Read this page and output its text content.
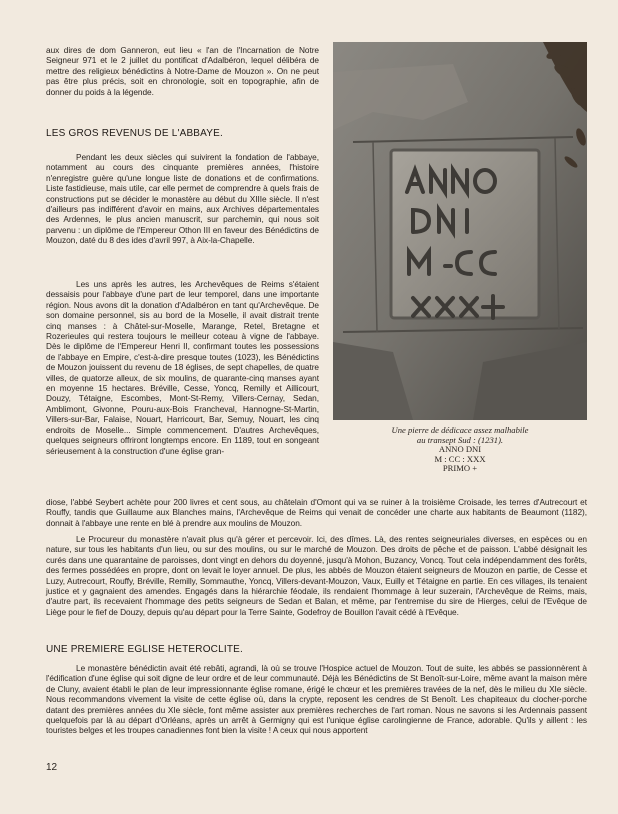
aux dires de dom Ganneron, eut lieu « l'an de l'Incarnation de Notre Seigneur 971 et le 2 juillet du pontificat d'Adalbéron, lequel délibéra de mettre des religieux bénédictins à Notre-Dame de Mouzon ». On ne peut pas être plus précis, soit en chronologie, soit en topographie, afin de donner du poids à la légende.

LES GROS REVENUS DE L'ABBAYE.

Pendant les deux siècles qui suivirent la fondation de l'abbaye, notamment au cours des cinquante premières années, l'histoire n'enregistre guère qu'une longue liste de donations et de confirmations. Liste fastidieuse, mais utile, car elle permet de comprendre à quels frais de constructions put se décider le monastère au début du XIIIe siècle. Il n'est d'ailleurs pas indifférent d'avoir en mains, aux Archives départementales des Ardennes, le plus ancien manuscrit, sur parchemin, qui nous soit parvenu : un diplôme de l'Empereur Othon III en faveur des Bénédictins de Mouzon, daté du 8 des ides d'avril 997, à Aix-la-Chapelle.

Les uns après les autres, les Archevêques de Reims s'étaient dessaisis pour l'abbaye d'une part de leur temporel, dans une importante région. Nous avons dit la donation d'Adalbéron en tant qu'Archevêque. De son domaine personnel, sis au bord de la Moselle, il avait distrait trente cinq manses : à Châtel-sur-Moselle, Marange, Retel, Bretagne et Rozerieules qui restera toujours le meilleur coteau à vigne de l'abbaye. Dès le diplôme de l'Empereur Henri II, confirmant toutes les possessions de l'abbaye en Empire, c'est-à-dire presque toutes (1023), les Bénédictins de Mouzon jouissent du revenu de 18 églises, de sept chapelles, de quatre villes, de quatorze alleux, de six moulins, de quarante-cinq manses ayant en moyenne 15 hectares. Bréville, Cesse, Yoncq, Remilly et Aillicourt, Douzy, Tétaigne, Escombes, Mont-St-Remy, Villers-Cernay, Sedan, Amblimont, Givonne, Pouru-aux-Bois Francheval, Hannogne-St-Martin, Villers-sur-Bar, Falaise, Nouart, Harricourt, Bar, Semuy, Nouart, les cinq endroits de Moselle... Simple commencement. D'autres Archevêques, quelques seigneurs offriront longtemps encore. En 1189, tout en songeant sérieusement à la construction d'une église gran-

diose, l'abbé Seybert achète pour 200 livres et cent sous, au châtelain d'Omont qui va se ruiner à la troisième Croisade, les terres d'Autrecourt et Rouffy, tandis que Guillaume aux Blanches mains, l'Archevêque de Reims qui venait de concéder une charte aux habitants de Beaumont (1182), donnait à l'abbaye une rente en blé à prendre aux moulins de Mouzon.

Le Procureur du monastère n'avait plus qu'à gérer et percevoir. Ici, des dîmes. Là, des rentes seigneuriales diverses, en espèces ou en nature, sur tous les habitants d'un lieu, ou sur des moulins, ou sur le marché de Mouzon. Des droits de pêche et de paisson. L'abbé désignait les curés dans une quarantaine de paroisses, dont vingt en dehors du doyenné, jusqu'à Mohon, Buzancy, Voncq. Tout cela indépendamment des forêts, des fermes possédées en propre, dont on levait le loyer annuel. De plus, les abbés de Mouzon étaient seigneurs de Mouzon en partie, de Cesse et Luzy, Autrecourt, Rouffy, Bréville, Remilly, Sommauthe, Yoncq, Villers-devant-Mouzon, Vaux, Euilly et Tétaigne en partie. En ces villages, ils tenaient justice et y gagnaient des amendes. Engagés dans la hiérarchie féodale, ils rendaient l'hommage à leur suzerain, l'Archevêque de Reims, mais, d'autre part, ils recevaient l'hommage des petits seigneurs de Sedan et Balan, et même, par l'entremise du sire de Hierges, celui de l'Evêque de Liège pour le fief de Douzy, depuis qu'au départ pour la Terre Sainte, Godefroy de Bouillon l'avait cédé à l'Evêque.

UNE PREMIERE EGLISE HETEROCLITE.

Le monastère bénédictin avait été rebâti, agrandi, là où se trouve l'Hospice actuel de Mouzon. Tout de suite, les abbés se passionnèrent à l'édification d'une église qui soit digne de leur ordre et de leur communauté. Déjà les Bénédictins de St Benoît-sur-Loire, même avant la maison mère de Cluny, avaient établi le plan de leur impressionnante église romane, érigé le chœur et les premières travées de la nef, dès le milieu du XIe siècle. Nous recommandons vivement la visite de cette église où, dans la crypte, reposent les cendres de St Benoît. Les chapiteaux du clocher-porche datant des premières années du XIe siècle, font même assister aux premières recherches de l'art roman. Nous ne savons si les Ardennais passent quelquefois par là au départ d'Orléans, après un arrêt à Germigny qui est l'unique église carolingienne de France, adorable. Qu'ils y aillent : les touristes belges et les troupes canadiennes font bien la visite ! A ceux qui nous apportent

Une pierre de dédicace assez malhabile
au transept Sud : (1231).
ANNO DNI
M : CC : XXX
PRIMO +
12
